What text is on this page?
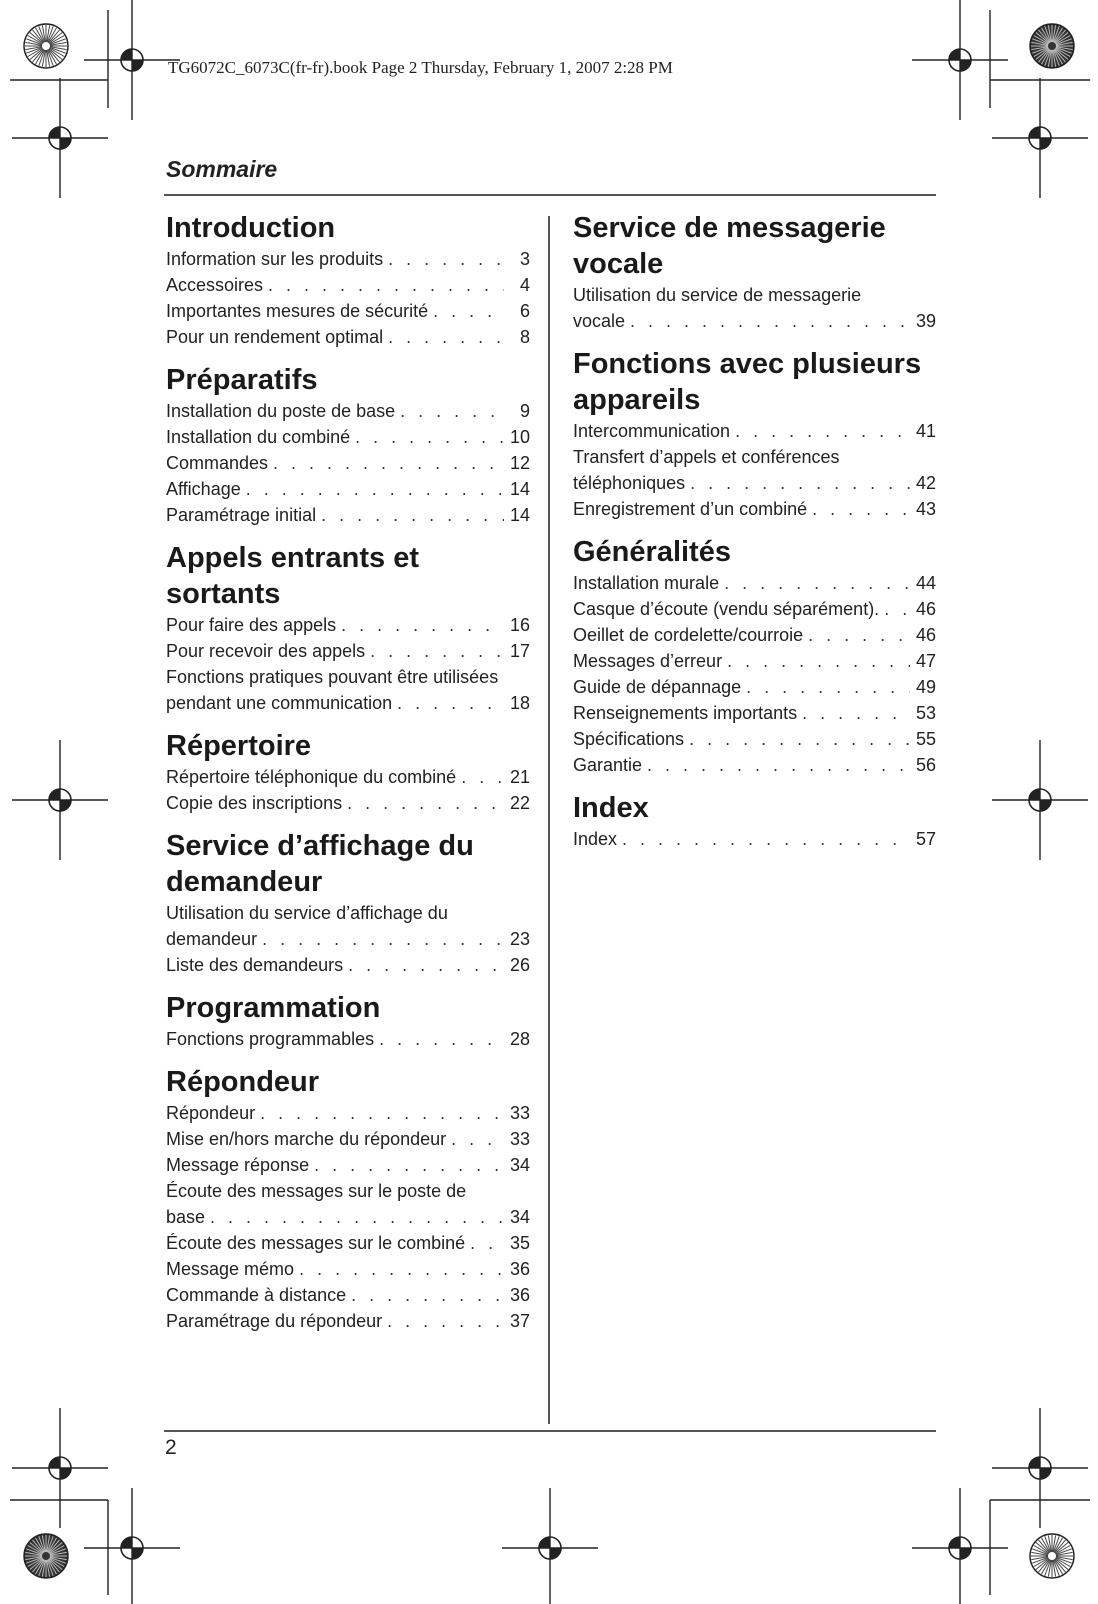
TG6072C_6073C(fr-fr).book Page 2 Thursday, February 1, 2007 2:28 PM
Sommaire
Introduction
Information sur les produits . . .	3
Accessoires . . .	4
Importantes mesures de sécurité . . .	6
Pour un rendement optimal . . .	8
Préparatifs
Installation du poste de base . . .	9
Installation du combiné . . .	10
Commandes . . .	12
Affichage . . .	14
Paramétrage initial . . .	14
Appels entrants et sortants
Pour faire des appels . . .	16
Pour recevoir des appels . . .	17
Fonctions pratiques pouvant être utilisées
pendant une communication . . .	18
Répertoire
Répertoire téléphonique du combiné . . .	21
Copie des inscriptions . . .	22
Service d’affichage du demandeur
Utilisation du service d’affichage du
demandeur . . .	23
Liste des demandeurs . . .	26
Programmation
Fonctions programmables . . .	28
Répondeur
Répondeur . . .	33
Mise en/hors marche du répondeur . . .	33
Message réponse . . .	34
Écoute des messages sur le poste de
base . . .	34
Écoute des messages sur le combiné . . . 35
Message mémo . . .	36
Commande à distance . . .	36
Paramétrage du répondeur . . .	37
Service de messagerie vocale
Utilisation du service de messagerie
vocale . . .	39
Fonctions avec plusieurs appareils
Intercommunication . . .	41
Transfert d’appels et conférences
téléphoniques . . .	42
Enregistrement d’un combiné . . .	43
Généralités
Installation murale . . .	44
Casque d’écoute (vendu séparément). . . . 46
Oeillet de cordelette/courroie . . .	46
Messages d’erreur . . .	47
Guide de dépannage . . .	49
Renseignements importants . . .	53
Spécifications . . .	55
Garantie . . .	56
Index
Index . . .	57
2
